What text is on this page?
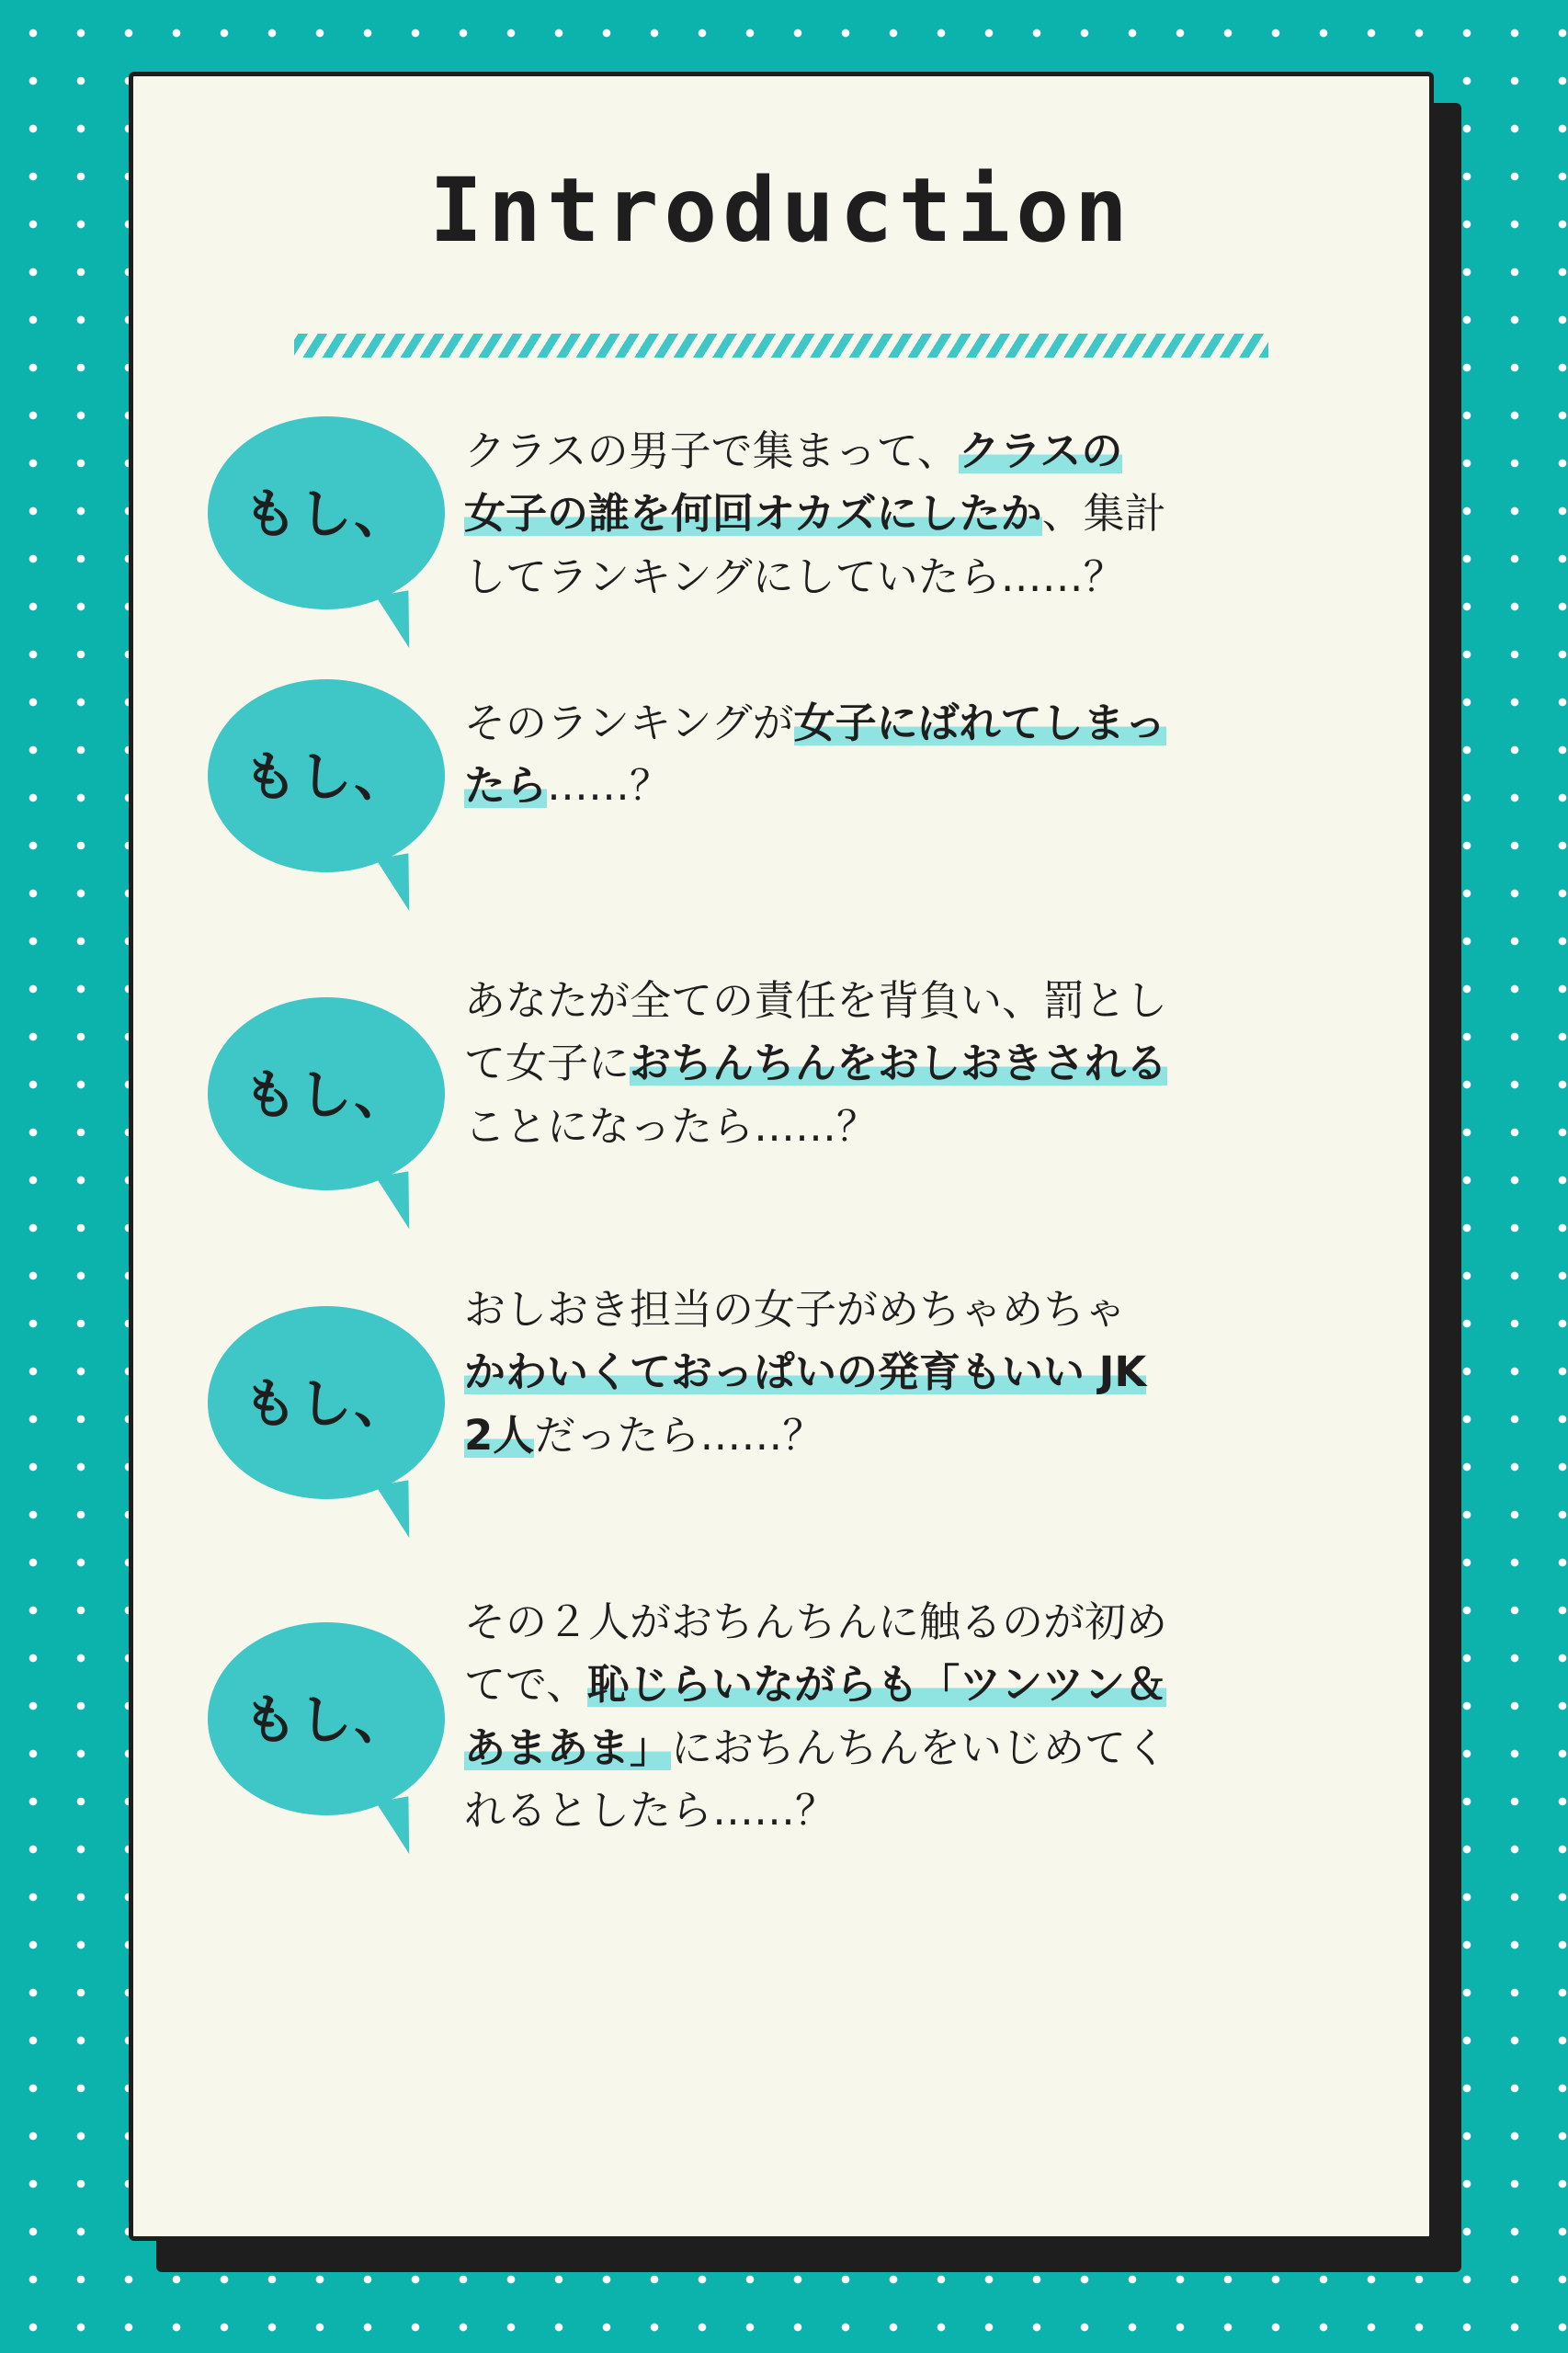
Introduction
もし、
クラスの男子で集まって、クラスの
女子の誰を何回オカズにしたか、集計
してランキングにしていたら……？
もし、
そのランキングが女子にばれてしまっ
たら……？
もし、
あなたが全ての責任を背負い、罰とし
て女子におちんちんをおしおきされる
ことになったら……？
もし、
おしおき担当の女子がめちゃめちゃ
かわいくておっぱいの発育もいい JK
2人だったら……？
もし、
その２人がおちんちんに触るのが初め
てで、恥じらいながらも「ツンツン＆
あまあま」におちんちんをいじめてく
れるとしたら……？
